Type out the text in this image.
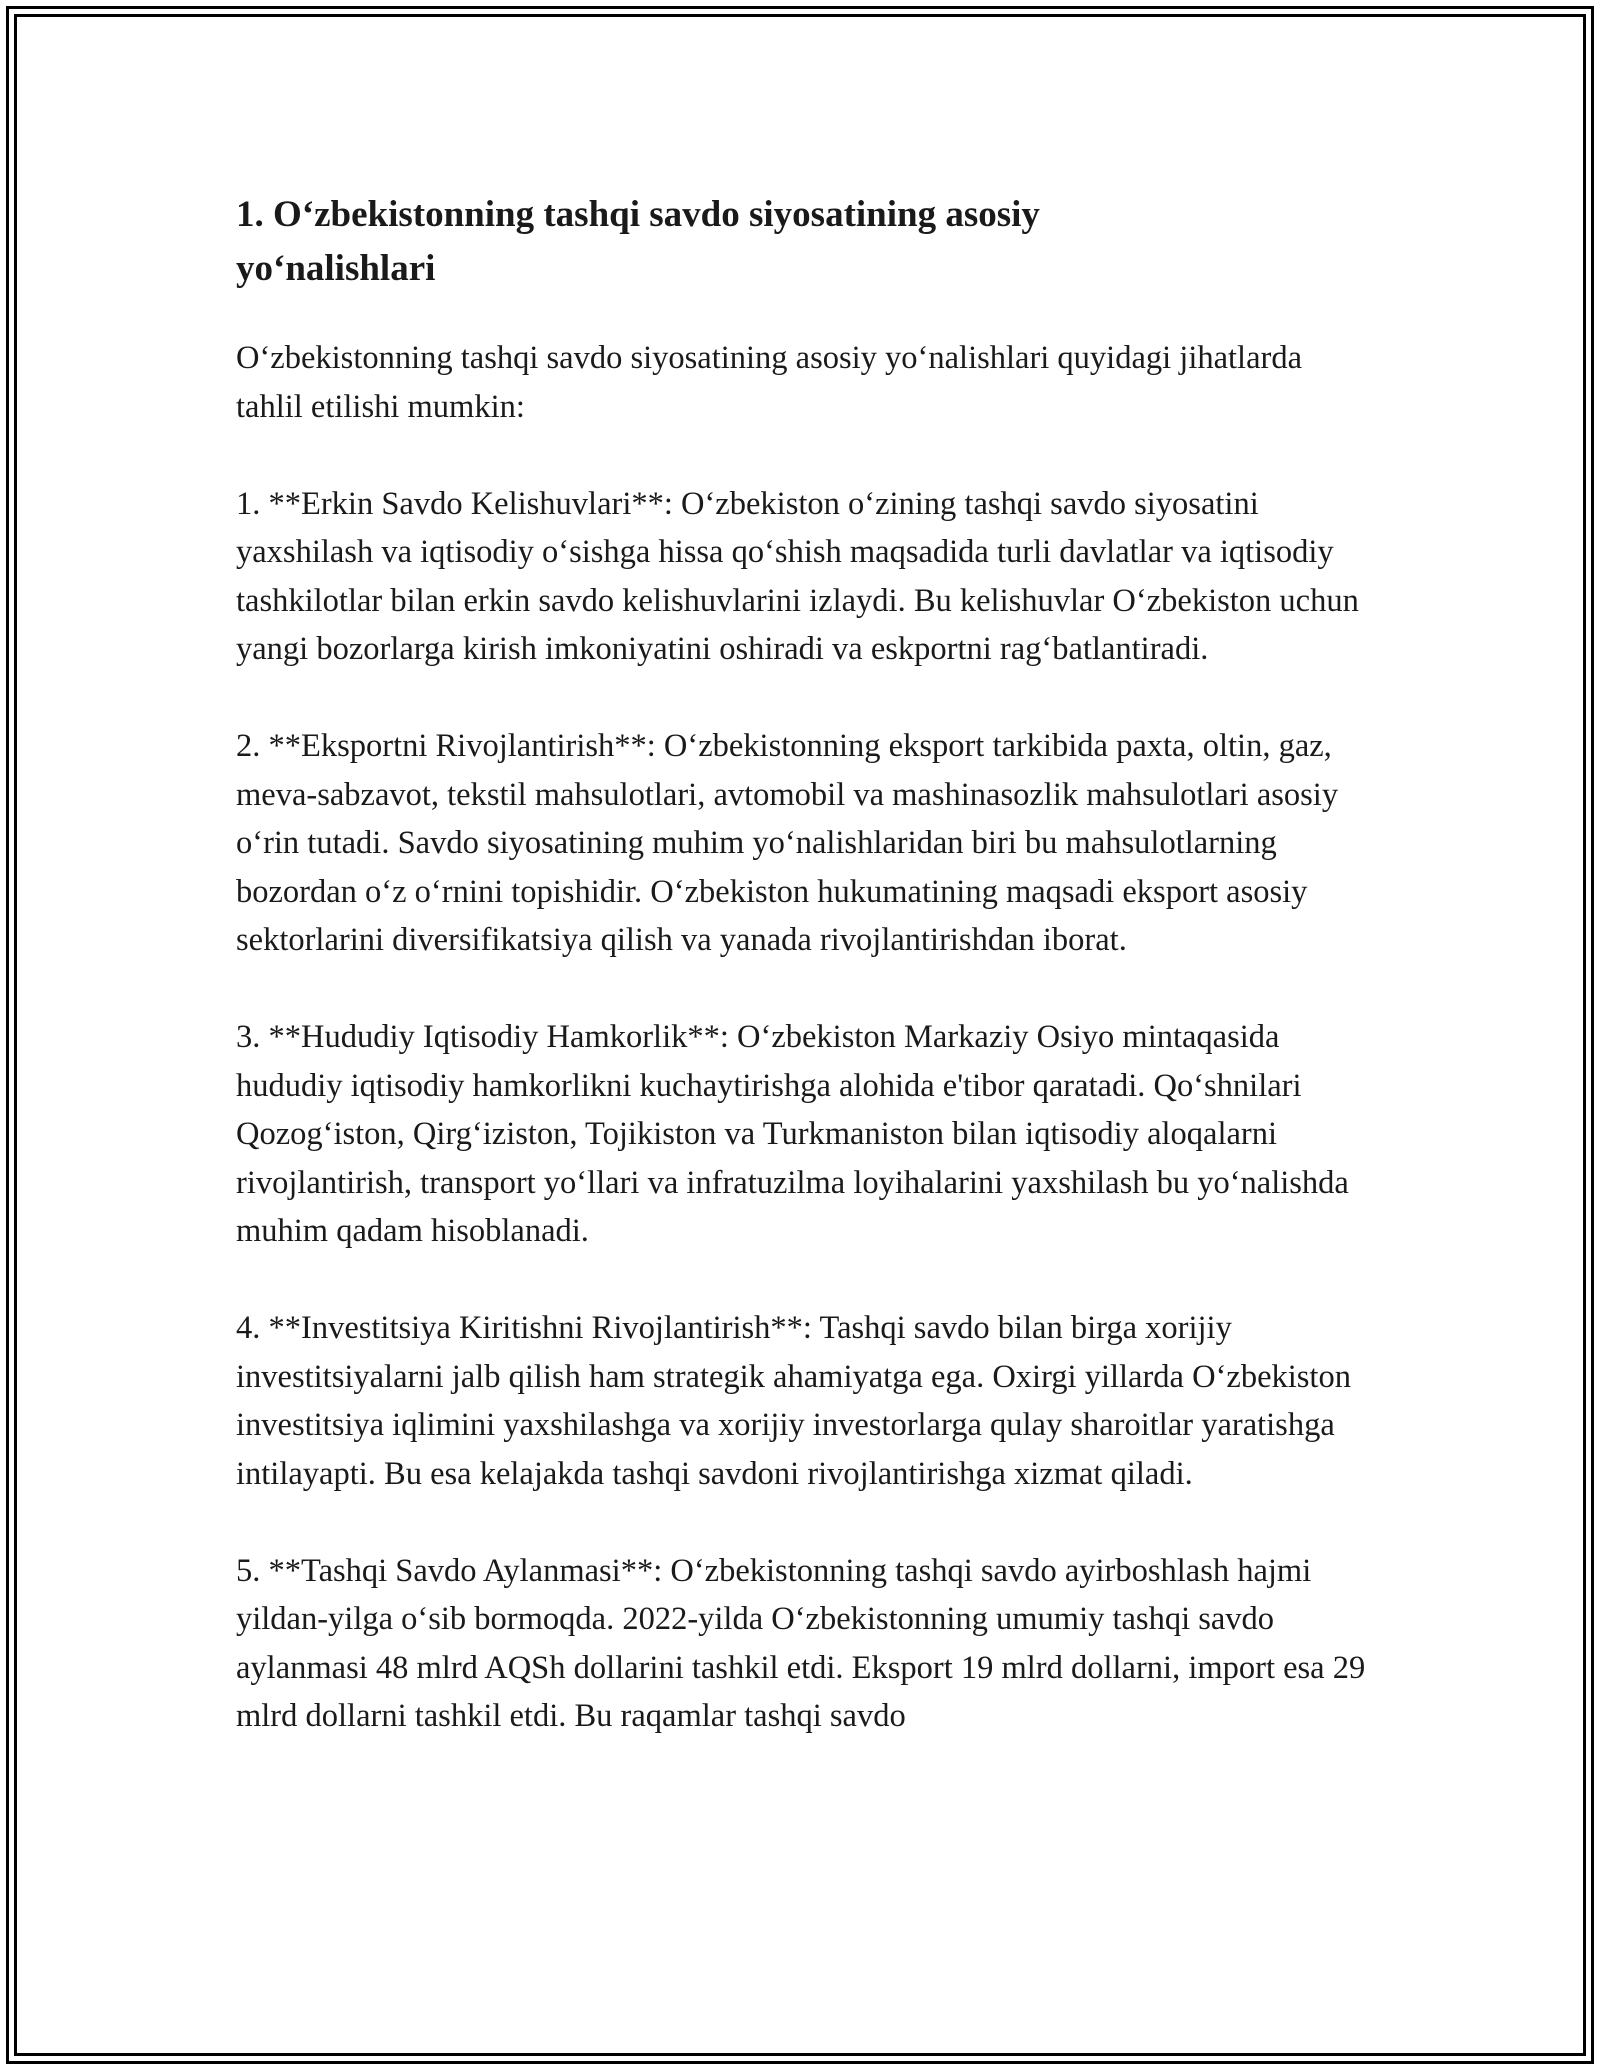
1. O‘zbekistonning tashqi savdo siyosatining asosiy
yo‘nalishlari

O‘zbekistonning tashqi savdo siyosatining asosiy yo‘nalishlari quyidagi jihatlarda tahlil etilishi mumkin:

1. **Erkin Savdo Kelishuvlari**: O‘zbekiston o‘zining tashqi savdo siyosatini yaxshilash va iqtisodiy o‘sishga hissa qo‘shish maqsadida turli davlatlar va iqtisodiy tashkilotlar bilan erkin savdo kelishuvlarini izlaydi. Bu kelishuvlar O‘zbekiston uchun yangi bozorlarga kirish imkoniyatini oshiradi va eskportni rag‘batlantiradi.

2. **Eksportni Rivojlantirish**: O‘zbekistonning eksport tarkibida paxta, oltin, gaz, meva-sabzavot, tekstil mahsulotlari, avtomobil va mashinasozlik mahsulotlari asosiy o‘rin tutadi. Savdo siyosatining muhim yo‘nalishlaridan biri bu mahsulotlarning bozordan o‘z o‘rnini topishidir. O‘zbekiston hukumatining maqsadi eksport asosiy sektorlarini diversifikatsiya qilish va yanada rivojlantirishdan iborat.

3. **Hududiy Iqtisodiy Hamkorlik**: O‘zbekiston Markaziy Osiyo mintaqasida hududiy iqtisodiy hamkorlikni kuchaytirishga alohida e'tibor qaratadi. Qo‘shnilari Qozog‘iston, Qirg‘iziston, Tojikiston va Turkmaniston bilan iqtisodiy aloqalarni rivojlantirish, transport yo‘llari va infratuzilma loyihalarini yaxshilash bu yo‘nalishda muhim qadam hisoblanadi.

4. **Investitsiya Kiritishni Rivojlantirish**: Tashqi savdo bilan birga xorijiy investitsiyalarni jalb qilish ham strategik ahamiyatga ega. Oxirgi yillarda O‘zbekiston investitsiya iqlimini yaxshilashga va xorijiy investorlarga qulay sharoitlar yaratishga intilayapti. Bu esa kelajakda tashqi savdoni rivojlantirishga xizmat qiladi.

5. **Tashqi Savdo Aylanmasi**: O‘zbekistonning tashqi savdo ayirboshlash hajmi yildan-yilga o‘sib bormoqda. 2022-yilda O‘zbekistonning umumiy tashqi savdo aylanmasi 48 mlrd AQSh dollarini tashkil etdi. Eksport 19 mlrd dollarni, import esa 29 mlrd dollarni tashkil etdi. Bu raqamlar tashqi savdo
